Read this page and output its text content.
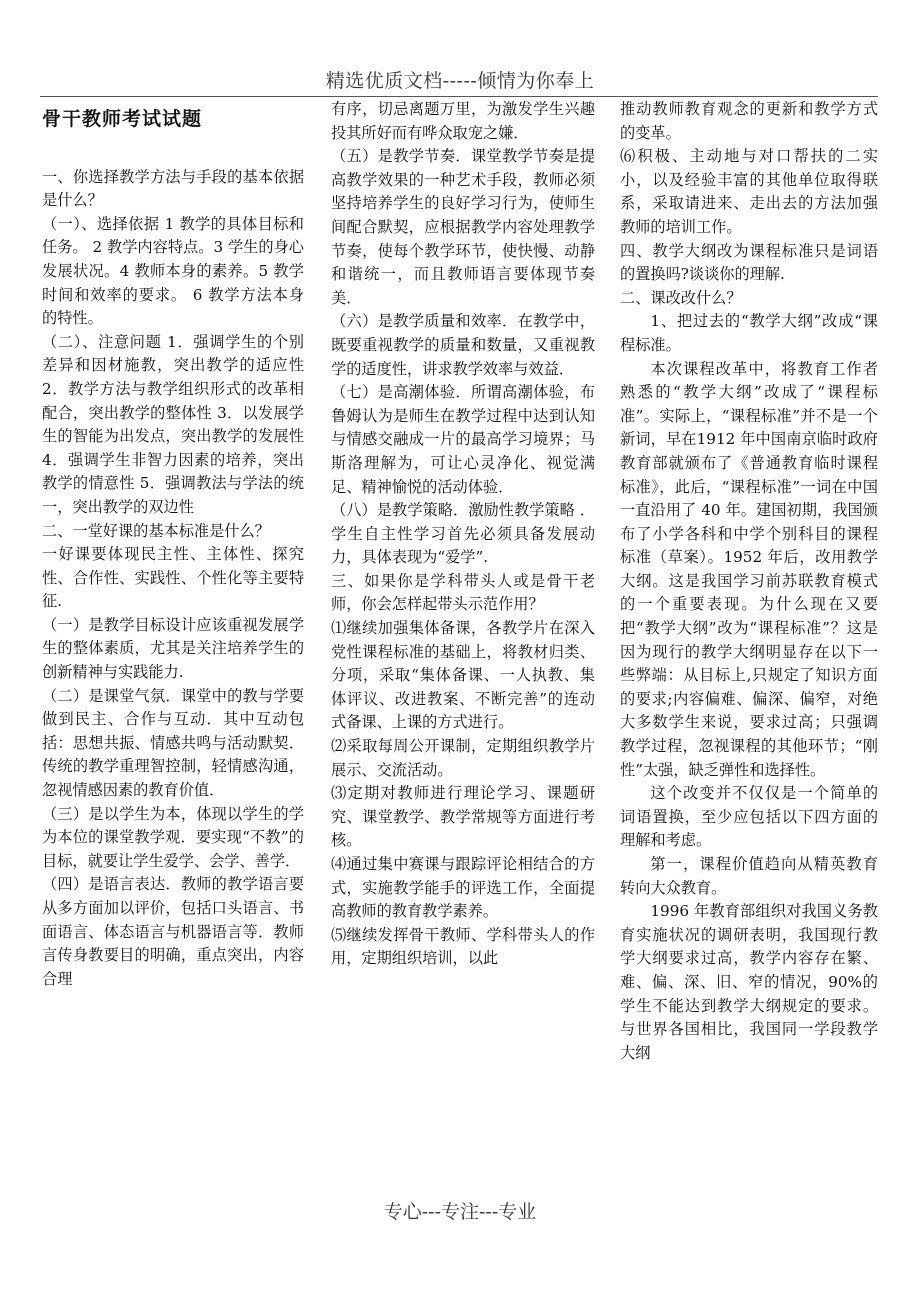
精选优质文档-----倾情为你奉上

骨干教师考试试题

一、你选择教学方法与手段的基本依据是什么？

（一）、选择依据 1 教学的具体目标和任务。 2 教学内容特点。3 学生的身心发展状况。4 教师本身的素养。5 教学时间和效率的要求。 6 教学方法本身的特性。

（二）、注意问题 1．强调学生的个别差异和因材施教，突出教学的适应性 2．教学方法与教学组织形式的改革相配合，突出教学的整体性 3．以发展学生的智能为出发点，突出教学的发展性 4．强调学生非智力因素的培养，突出教学的情意性 5．强调教法与学法的统一，突出教学的双边性

二、一堂好课的基本标准是什么？

一好课要体现民主性、主体性、探究性、合作性、实践性、个性化等主要特征.

（一）是教学目标设计应该重视发展学生的整体素质，尤其是关注培养学生的创新精神与实践能力.

（二）是课堂气氛．课堂中的教与学要做到民主、合作与互动．其中互动包括：思想共振、情感共鸣与活动默契．传统的教学重理智控制，轻情感沟通，忽视情感因素的教育价值．

（三）是以学生为本，体现以学生的学为本位的课堂教学观．要实现“不教”的目标，就要让学生爱学、会学、善学．

（四）是语言表达．教师的教学语言要从多方面加以评价，包括口头语言、书面语言、体态语言与机器语言等．教师言传身教要目的明确，重点突出，内容合理

有序，切忌离题万里，为激发学生兴趣投其所好而有哗众取宠之嫌．

（五）是教学节奏．课堂教学节奏是提高教学效果的一种艺术手段，教师必须坚持培养学生的良好学习行为，使师生间配合默契，应根据教学内容处理教学节奏，使每个教学环节，使快慢、动静和谐统一，而且教师语言要体现节奏美．

（六）是教学质量和效率．在教学中，既要重视教学的质量和数量，又重视教学的适度性，讲求教学效率与效益．

（七）是高潮体验．所谓高潮体验，布鲁姆认为是师生在教学过程中达到认知与情感交融成一片的最高学习境界；马斯洛理解为，可让心灵净化、视觉满足、精神愉悦的活动体验．

（八）是教学策略．激励性教学策略 ．学生自主性学习首先必须具备发展动力，具体表现为“爱学”.

三、如果你是学科带头人或是骨干老师，你会怎样起带头示范作用？

⑴继续加强集体备课，各教学片在深入党性课程标准的基础上，将教材归类、分项，采取“集体备课、一人执教、集体评议、改进教案、不断完善”的连动式备课、上课的方式进行。

⑵采取每周公开课制，定期组织教学片展示、交流活动。

⑶定期对教师进行理论学习、课题研究、课堂教学、教学常规等方面进行考核。

⑷通过集中赛课与跟踪评论相结合的方式，实施教学能手的评选工作，全面提高教师的教育教学素养。

⑸继续发挥骨干教师、学科带头人的作用，定期组织培训，以此

推动教师教育观念的更新和教学方式的变革。

⑹积极、主动地与对口帮扶的二实小，以及经验丰富的其他单位取得联系，采取请进来、走出去的方法加强教师的培训工作。

四、教学大纲改为课程标准只是词语的置换吗?谈谈你的理解.

二、课改改什么？

1、把过去的“教学大纲”改成“课程标准。

本次课程改革中，将教育工作者熟悉的“教学大纲”改成了“课程标准”。实际上，“课程标准”并不是一个新词，早在1912 年中国南京临时政府教育部就颁布了《普通教育临时课程标准》，此后，“课程标准”一词在中国一直沿用了 40 年。建国初期，我国颁布了小学各科和中学个别科目的课程标准（草案）。1952 年后，改用教学大纲。这是我国学习前苏联教育模式的一个重要表现。为什么现在又要把“教学大纲”改为“课程标准”？这是因为现行的教学大纲明显存在以下一些弊端：从目标上,只规定了知识方面的要求;内容偏难、偏深、偏窄，对绝大多数学生来说，要求过高；只强调教学过程，忽视课程的其他环节；“刚性”太强，缺乏弹性和选择性。

这个改变并不仅仅是一个简单的词语置换，至少应包括以下四方面的理解和考虑。

第一，课程价值趋向从精英教育转向大众教育。

1996 年教育部组织对我国义务教育实施状况的调研表明，我国现行教学大纲要求过高，教学内容存在繁、难、偏、深、旧、窄的情况，90%的学生不能达到教学大纲规定的要求。与世界各国相比，我国同一学段教学大纲

专心---专注---专业
